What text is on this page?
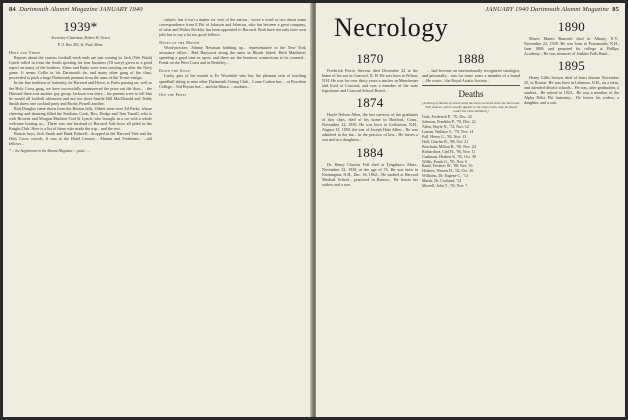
84 Dartmouth Alumni Magazine JANUARY 1940
1939*
Secretary-Chairman, Robert W. Orsen
P. O. Box 492, St. Paul, Minn.

Here and There

Reports about the various football week ends are just coming in. Jack (Wet Wash) Lynch rolled in from the South sporting his four business (I'll sorry) given to a good report on many of the brothers. Slims and Parks were seen carrying on after the Navy game. It seems Collie in his Dartmouth tie, and many other gang of the class, proceeded to pitch a huge Dartmouth pennant from the arms of the Tower-ensign.

In the fine tradition of fraternity, he Harvard and Howe, is Parks passing on, well as the Holy Cross gang, we have successfully maneuvered the prize out the door... , the Harvard there was another gay group. Jackson was there... his parents were to tell him he would all football afternoon and not too short Seattle Bill MacDonald and Teddy Smith threw one cocktail party and Rocky Powell another.

Rod Douglas came down from the Boston hills. Others seen were Ed Parks, whose cheering and shouting filled the Stadium; Cook, Rex, Dodge and Tom Tansill, who is with Browne and Morgan Machine Tool & Lynch, who brought in a car with a whole welcome hosting us... There was one busload of Harvard Yale boys all piled in the Knight Club. Here is a list of those who made the trip... and the rest.

Boston boys, Jack Smith and Hank Bidwell... dropped in the Harvard Yale and the Holy Cross crowds. It was at the Hotel Lennox... Alumni and Freshmen... ...old fellows...

* ... the Supplement to the Alumni Magazine ... paid... ...

subject, but it isn't a matter for vote of the nation... wrote a word or two about some correspondence from E.Pitt of Johnson and Johnson, who has become a great company, of what and Walter Beckley has been appointed to Harvard. Both have not only their own jobs but to say a lot too good fellows.

Notes of the Month

Word-pictures: Johnny Newman bobbing up... representative in the New York insurance office... Bud Haywood doing the same in Rhode Island. Herb Matthieu's spending a good time in spots, and there are the business connections to be counted... Frank on the West Coast and in Berkeley...

Down the Aisle

Lucky gets of the month is Ev Woodside who has the pleasant task of teaching speedball skiing to nine other Dartmouth Outing Club... Lorne Cothen has ... at Bowdoin College... Ted Bryant has ... and the Ithaca ... students...

Off the Press

JANUARY 1940 Dartmouth Alumni Magazine 85
Necrology
1870

Frederick Peirce Stevens died December 22 at the home of his son in Concord, N. H. He was born in Wilton, N.H. He was for over thirty years a teacher in Manchester and lived at Concord, and was a member of the state legislature and Concord School Board...

1874

Hoyle Nelson Allen, the last survivor of the graduates of this class, died at his home in Hartford, Conn., November 12, 1939. He was born in Goffstown, N.H., August 15, 1850, the son of Joseph Hale Allen... He was admitted to the bar... in the practice of law... He leaves a son and two daughters...

1884

Dr. Henry Clayton Fall died at Tyngsboro, Mass., November 13, 1939, at the age of 76. He was born in Farmington, N.H., Dec. 16, 1862... He studied at Harvard Medical School... practiced in Boston... He leaves his widow and a son.

1888

... had become an internationally recognized sinologist, and personally... was for some years a member of a board ... He wrote... the Royal Asiatic Society...

Deaths
[A listing of deaths of which word has been received since the last issue. Full notices, which usually appear in the class notes, may be found under the class numbers.]
Gale, Frederick P., '70, Dec. 22
Johnson, Franklin P., '70, Dec. 22
Allen, Hoyle N., '74, Nov. 12
Lyman, Wallace S., '79, Nov. 14
Fall, Henry C., '84, Nov. 13
Hall, Charles B., '88, Oct. 21
Boscham, Milton B., '90, Nov. 24
Richardson, Carl H., '90, Nov. 11
Cushman, Herbert S., '95, Oct. 30
Willis, Frank G., '95, Nov. 6
Rand, Frederic W., '98, Nov. 16
Holmes, Warren H., '02, Oct. 26
Williams, Dr. Eugene C., '14
Marsh, Dr. Cortland, '14
Morrell, John T., '39, Nov. 7
1890

Moses Munro Bancroft died in Albany, N.Y., November 22, 1939. He was born in Portsmouth, N.H., June 1868, and prepared for college at Phillips Academy... He was treasurer of Jenkins Falls Bank...

1895

Henry Gillis Sawyer died of heart disease November 25, in Boston. He was born in Lebanon, N.H., on a farm, and attended district schools... He was, after graduation, a student... He retired in 1924... He was a member of the Alpha Delta Phi fraternity... He leaves his widow, a daughter, and a son.
